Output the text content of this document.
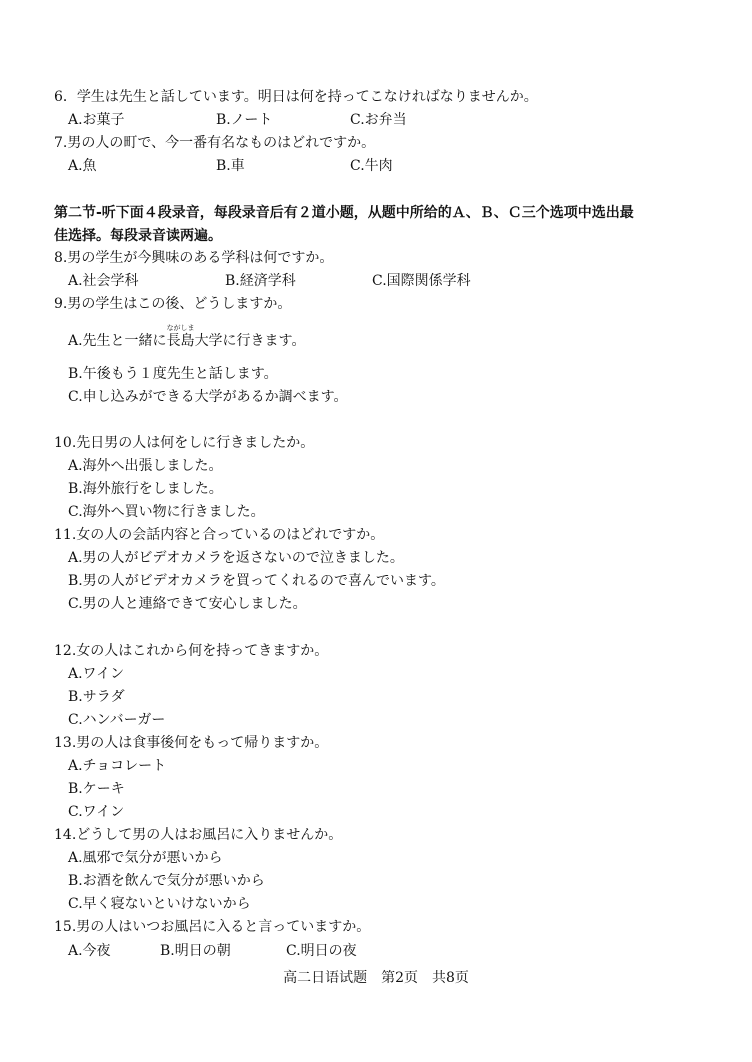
6．学生は先生と話しています。明日は何を持ってこなければなりませんか。
A.お菓子	B.ノート	C.お弁当
7.男の人の町で、今一番有名なものはどれですか。
A.魚	B.車	C.牛肉
第二节-听下面４段录音，每段录音后有２道小题，从题中所给的Ａ、Ｂ、Ｃ三个选项中选出最
佳选择。每段录音读两遍。
8.男の学生が今興味のある学科は何ですか。
A.社会学科	B.経済学科	C.国際関係学科
9.男の学生はこの後、どうしますか。
A.先生と一緒に
ながしま
長島大学に行きます。
B.午後もう１度先生と話します。
C.申し込みができる大学があるか調べます。
10.先日男の人は何をしに行きましたか。
A.海外へ出張しました。
B.海外旅行をしました。
C.海外へ買い物に行きました。
11.女の人の会話内容と合っているのはどれですか。
A.男の人がビデオカメラを返さないので泣きました。
B.男の人がビデオカメラを買ってくれるので喜んでいます。
C.男の人と連絡できて安心しました。
12.女の人はこれから何を持ってきますか。
A.ワイン
B.サラダ
C.ハンバーガー
13.男の人は食事後何をもって帰りますか。
A.チョコレート
B.ケーキ
C.ワイン
14.どうして男の人はお風呂に入りませんか。
A.風邪で気分が悪いから
B.お酒を飲んで気分が悪いから
C.早く寝ないといけないから
15.男の人はいつお風呂に入ると言っていますか。
A.今夜	B.明日の朝	C.明日の夜
高二日语试题　第2页　共8页
